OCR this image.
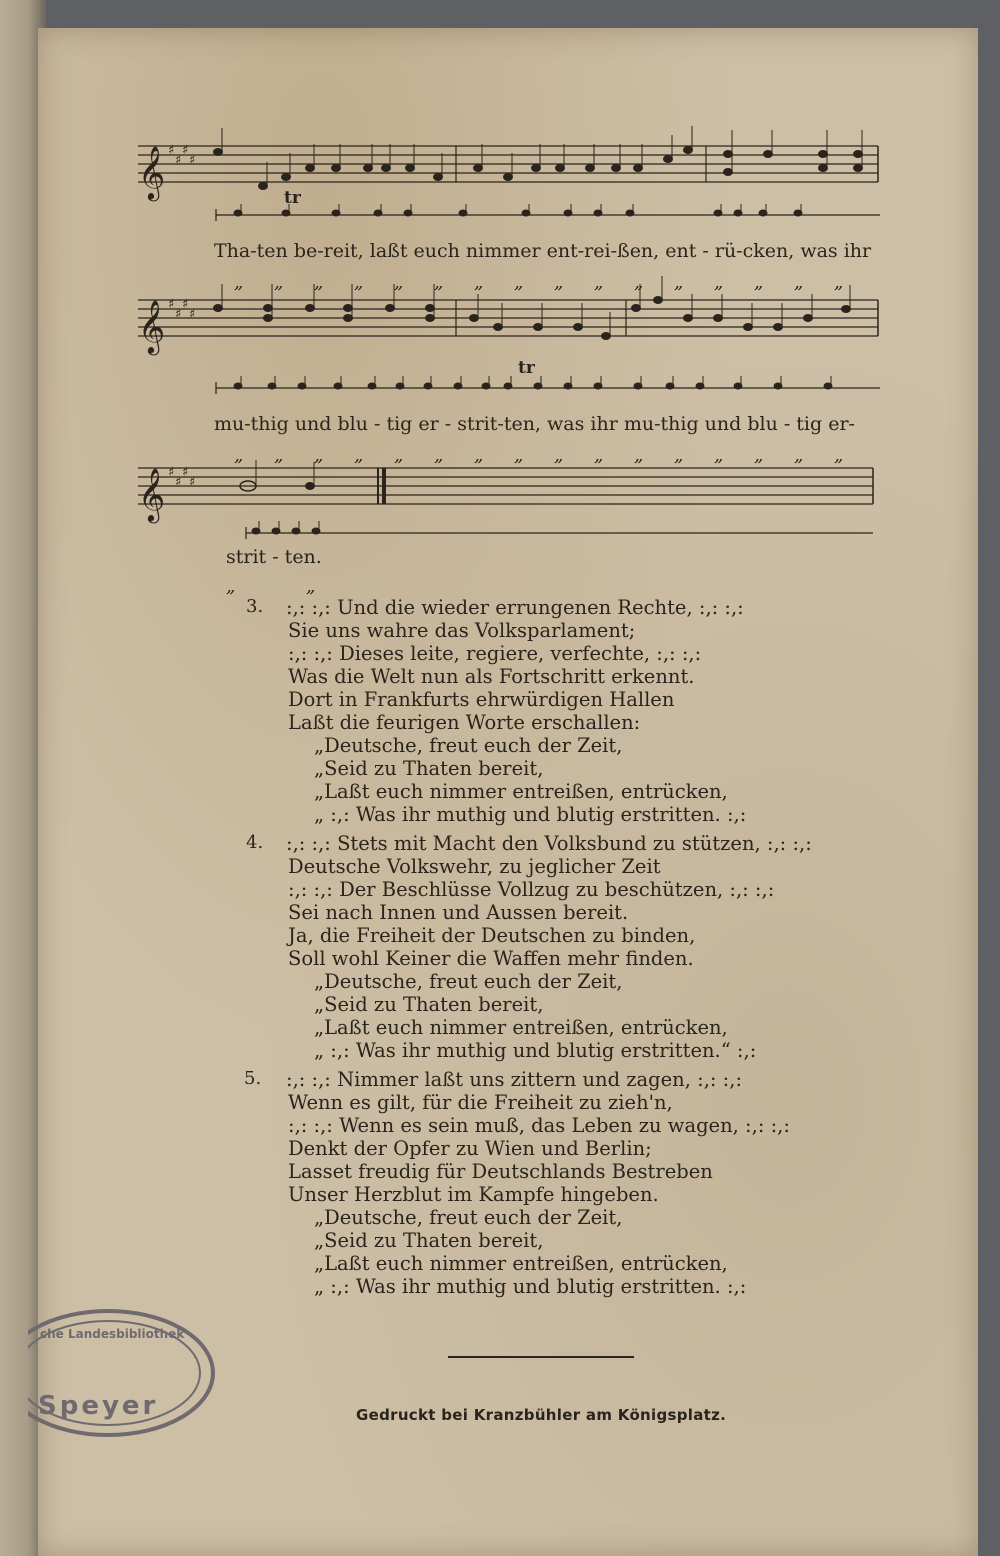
𝄞 ♯
♯
♯
♯
𝄞 ♯
♯
♯
♯
𝄞 ♯
♯
♯
♯
tr
tr
Tha-ten be-reit, laßt euch nimmer ent-rei-ßen, ent - rü-cken, was ihr
mu-thig und blu - tig er - strit-ten, was ihr mu-thig und blu - tig er-
strit - ten.
„ „ „ „ „ „ „ „ „ „ „ „ „ „ „ „
„ „ „ „ „ „ „ „ „ „ „ „ „ „ „ „
„	„
3. :,: :,: Und die wieder errungenen Rechte, :,: :,:
Sie uns wahre das Volksparlament;
:,: :,: Dieses leite, regiere, verfechte, :,: :,:
Was die Welt nun als Fortschritt erkennt.
Dort in Frankfurts ehrwürdigen Hallen
Laßt die feurigen Worte erschallen:
„Deutsche, freut euch der Zeit,
„Seid zu Thaten bereit,
„Laßt euch nimmer entreißen, entrücken,
„ :,: Was ihr muthig und blutig erstritten. :,:
4. :,: :,: Stets mit Macht den Volksbund zu stützen, :,: :,:
Deutsche Volkswehr, zu jeglicher Zeit
:,: :,: Der Beschlüsse Vollzug zu beschützen, :,: :,:
Sei nach Innen und Aussen bereit.
Ja, die Freiheit der Deutschen zu binden,
Soll wohl Keiner die Waffen mehr finden.
„Deutsche, freut euch der Zeit,
„Seid zu Thaten bereit,
„Laßt euch nimmer entreißen, entrücken,
„ :,: Was ihr muthig und blutig erstritten.“ :,:
5. :,: :,: Nimmer laßt uns zittern und zagen, :,: :,:
Wenn es gilt, für die Freiheit zu zieh'n,
:,: :,: Wenn es sein muß, das Leben zu wagen, :,: :,:
Denkt der Opfer zu Wien und Berlin;
Lasset freudig für Deutschlands Bestreben
Unser Herzblut im Kampfe hingeben.
„Deutsche, freut euch der Zeit,
„Seid zu Thaten bereit,
„Laßt euch nimmer entreißen, entrücken,
„ :,: Was ihr muthig und blutig erstritten. :,:
Gedruckt bei Kranzbühler am Königsplatz.
che Landesbibliothek
Speyer
